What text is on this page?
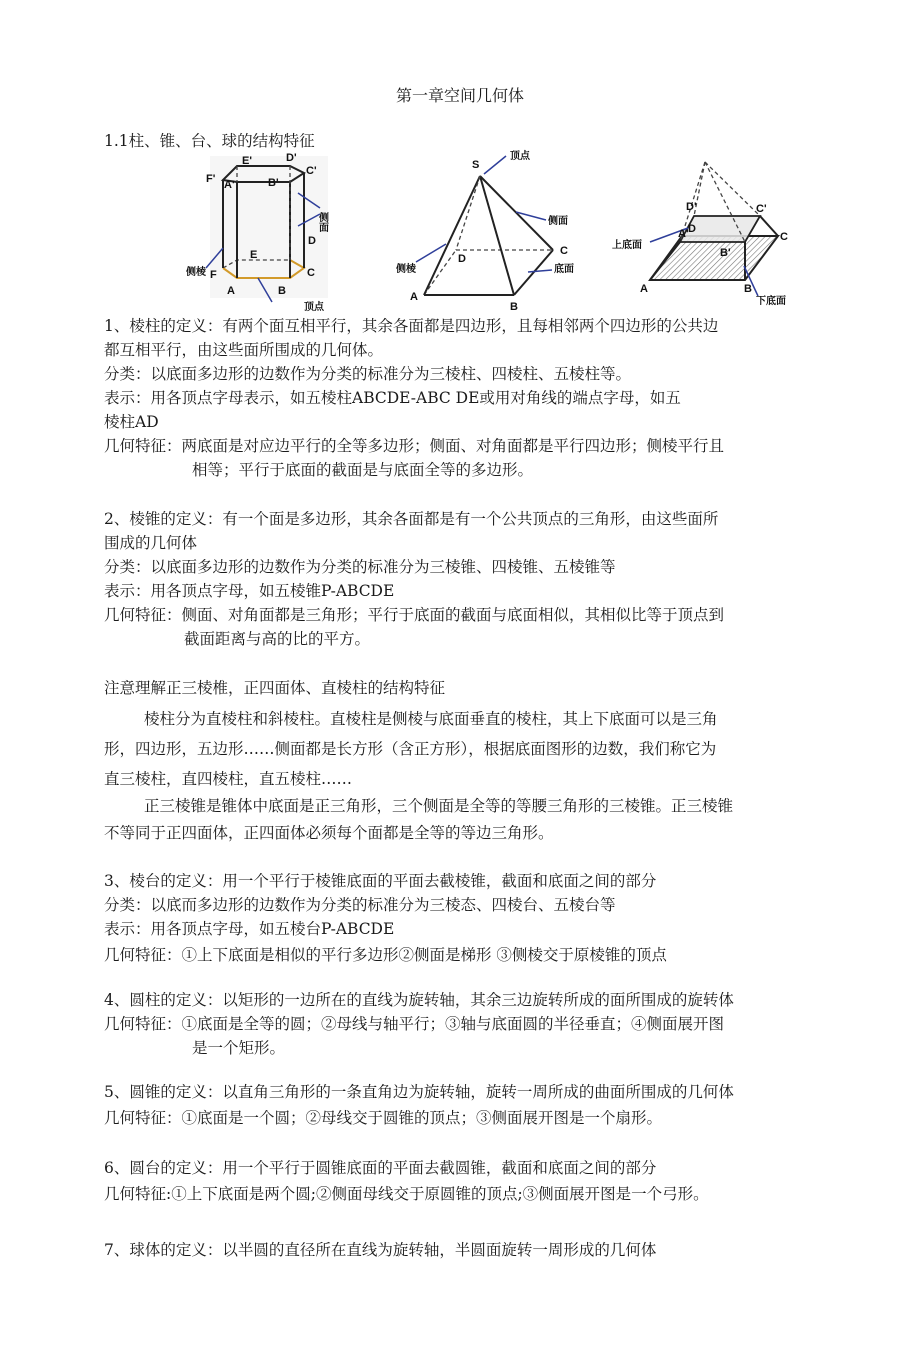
第一章空间几何体
1.1柱、锥、台、球的结构特征
F' A'
E'
B'
D'
C'
E
F
A	B
C
D
侧面
侧棱
顶点
S
D
C
A
B
顶点
侧面
侧棱	底面
D'	C'
A' D
B'
C
A	B
上底面
下底面
1、棱柱的定义：有两个面互相平行，其余各面都是四边形，且每相邻两个四边形的公共边
都互相平行，由这些面所围成的几何体。
分类：以底面多边形的边数作为分类的标准分为三棱柱、四棱柱、五棱柱等。
表示：用各顶点字母表示，如五棱柱ABCDE-ABC DE或用对角线的端点字母，如五
棱柱AD
几何特征：两底面是对应边平行的全等多边形；侧面、对角面都是平行四边形；侧棱平行且
相等；平行于底面的截面是与底面全等的多边形。
2、棱锥的定义：有一个面是多边形，其余各面都是有一个公共顶点的三角形，由这些面所
围成的几何体
分类：以底面多边形的边数作为分类的标准分为三棱锥、四棱锥、五棱锥等
表示：用各顶点字母，如五棱锥P-ABCDE
几何特征：侧面、对角面都是三角形；平行于底面的截面与底面相似，其相似比等于顶点到
截面距离与高的比的平方。
注意理解正三棱椎，正四面体、直棱柱的结构特征
棱柱分为直棱柱和斜棱柱。直棱柱是侧棱与底面垂直的棱柱，其上下底面可以是三角
形，四边形，五边形……侧面都是长方形（含正方形），根据底面图形的边数，我们称它为
直三棱柱，直四棱柱，直五棱柱……
正三棱锥是锥体中底面是正三角形，三个侧面是全等的等腰三角形的三棱锥。正三棱锥
不等同于正四面体，正四面体必须每个面都是全等的等边三角形。
3、棱台的定义：用一个平行于棱锥底面的平面去截棱锥，截面和底面之间的部分
分类：以底而多边形的边数作为分类的标准分为三棱态、四棱台、五棱台等
表示：用各顶点字母，如五棱台P-ABCDE
几何特征：①上下底面是相似的平行多边形②侧面是梯形 ③侧棱交于原棱锥的顶点
4、圆柱的定义：以矩形的一边所在的直线为旋转轴，其余三边旋转所成的面所围成的旋转体
几何特征：①底面是全等的圆；②母线与轴平行；③轴与底面圆的半径垂直；④侧面展开图
是一个矩形。
5、圆锥的定义：以直角三角形的一条直角边为旋转轴，旋转一周所成的曲面所围成的几何体
几何特征：①底面是一个圆；②母线交于圆锥的顶点；③侧面展开图是一个扇形。
6、圆台的定义：用一个平行于圆锥底面的平面去截圆锥，截面和底面之间的部分
几何特征:①上下底面是两个圆;②侧面母线交于原圆锥的顶点;③侧面展开图是一个弓形。
7、球体的定义：以半圆的直径所在直线为旋转轴，半圆面旋转一周形成的几何体
